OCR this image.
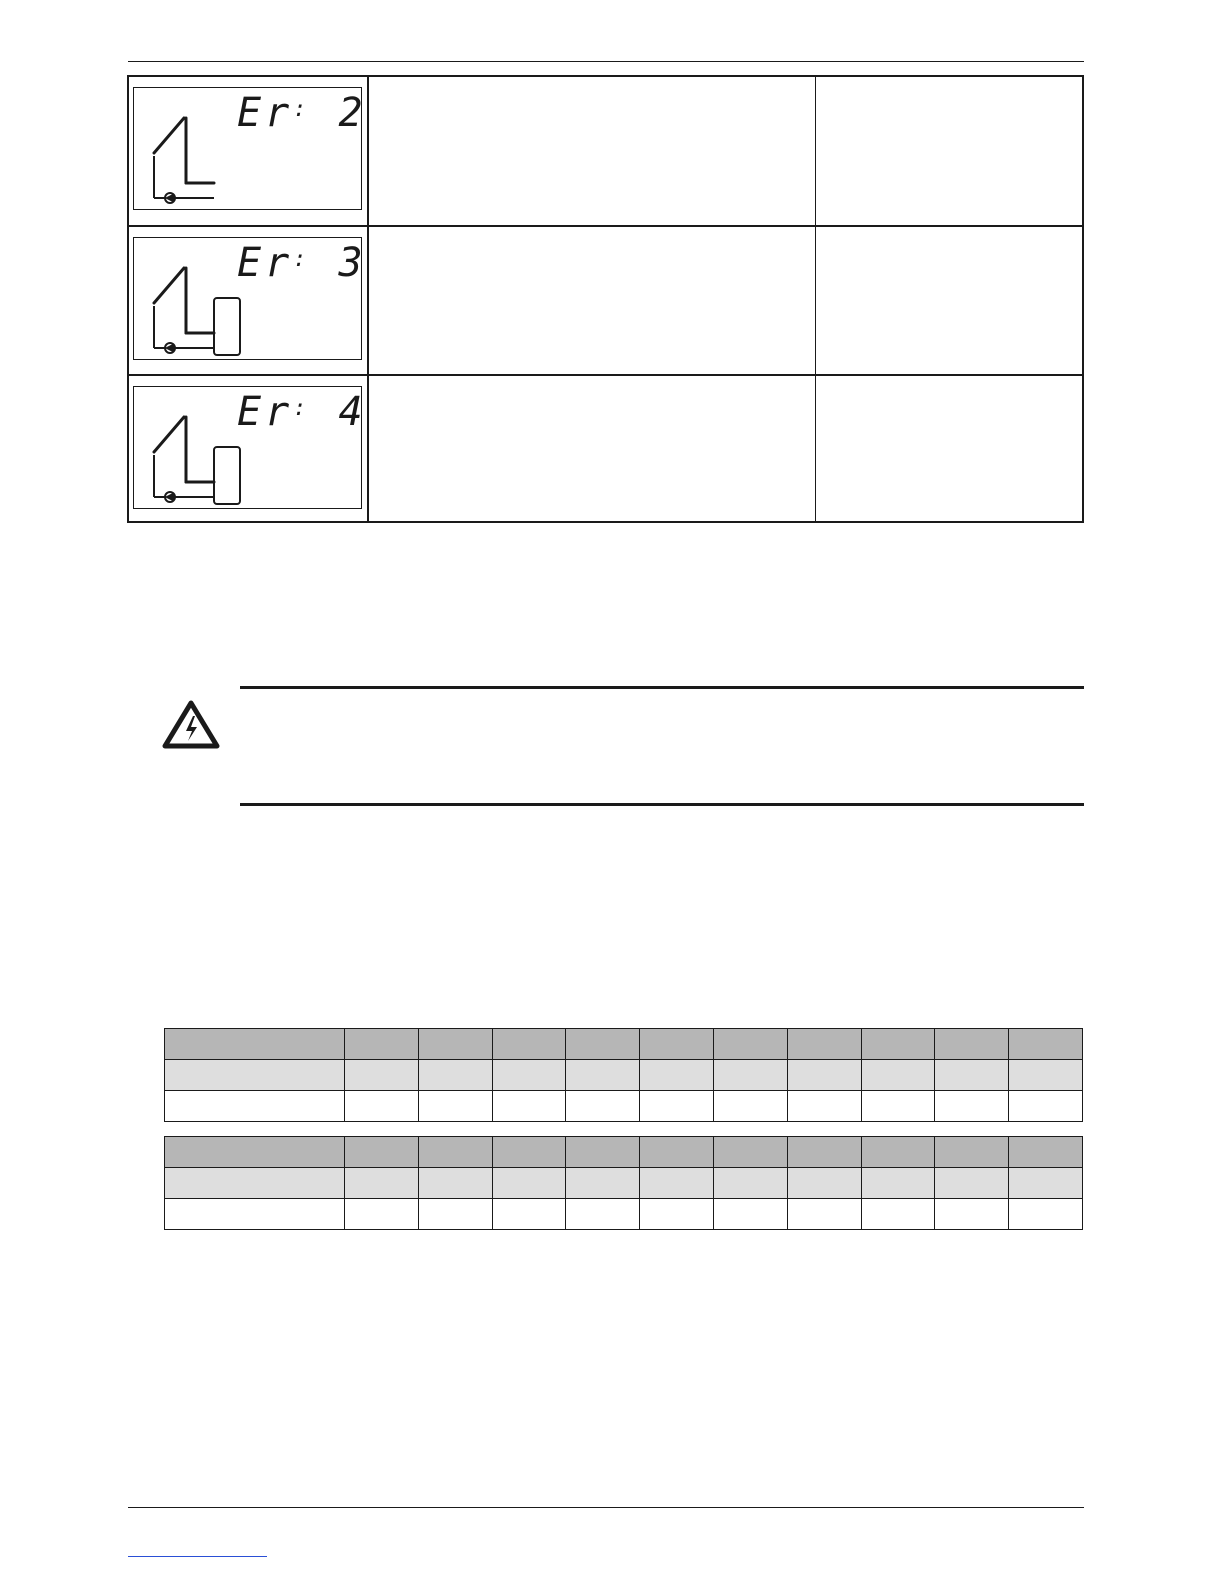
Er: 2
Er: 3
Er: 4
